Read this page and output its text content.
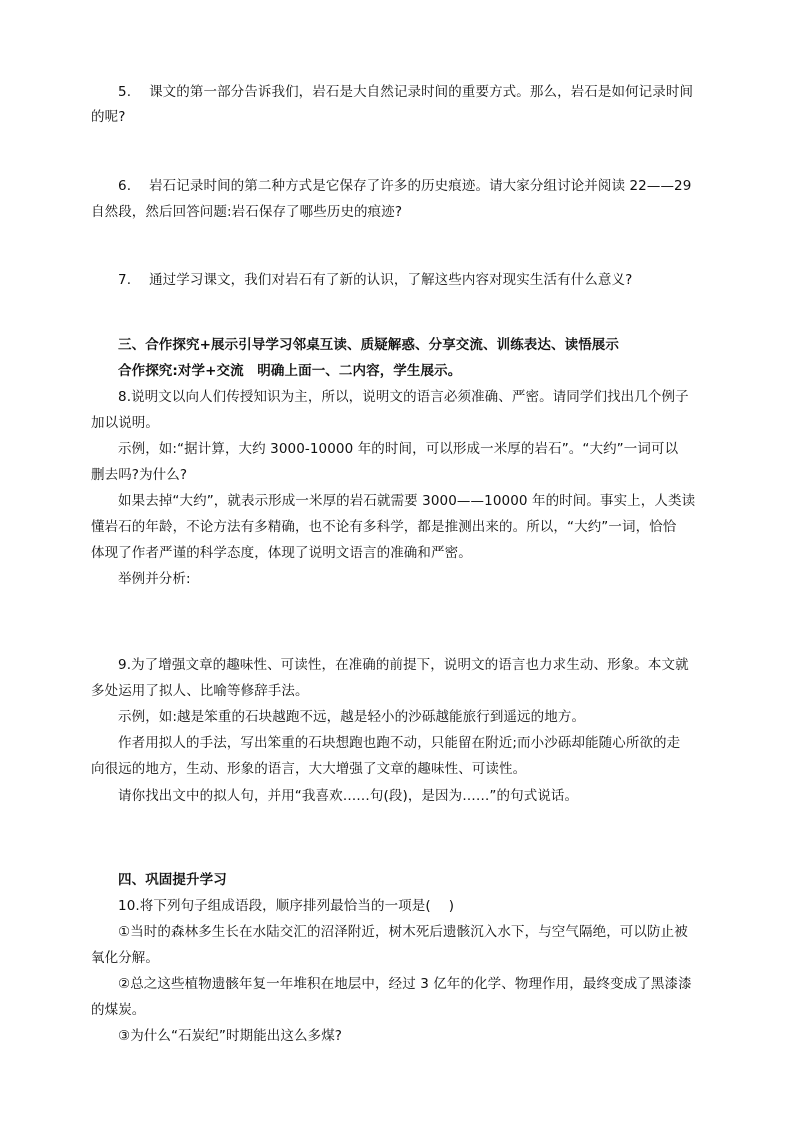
5.　 课文的第一部分告诉我们，岩石是大自然记录时间的重要方式。那么，岩石是如何记录时间
的呢?
6.　 岩石记录时间的第二种方式是它保存了许多的历史痕迹。请大家分组讨论并阅读 22——29
自然段，然后回答问题:岩石保存了哪些历史的痕迹?
7.　 通过学习课文，我们对岩石有了新的认识，了解这些内容对现实生活有什么意义?
三、合作探究+展示引导学习邻桌互读、质疑解惑、分享交流、训练表达、读悟展示
合作探究:对学+交流　明确上面一、二内容，学生展示。
8.说明文以向人们传授知识为主，所以，说明文的语言必须准确、严密。请同学们找出几个例子
加以说明。
示例，如:“据计算，大约 3000-10000 年的时间，可以形成一米厚的岩石”。“大约”一词可以
删去吗?为什么?
如果去掉“大约”，就表示形成一米厚的岩石就需要 3000——10000 年的时间。事实上，人类读
懂岩石的年龄，不论方法有多精确，也不论有多科学，都是推测出来的。所以，“大约”一词，恰恰
体现了作者严谨的科学态度，体现了说明文语言的准确和严密。
举例并分析:
9.为了增强文章的趣味性、可读性，在准确的前提下，说明文的语言也力求生动、形象。本文就
多处运用了拟人、比喻等修辞手法。
示例，如:越是笨重的石块越跑不远，越是轻小的沙砾越能旅行到遥远的地方。
作者用拟人的手法，写出笨重的石块想跑也跑不动，只能留在附近;而小沙砾却能随心所欲的走
向很远的地方，生动、形象的语言，大大增强了文章的趣味性、可读性。
请你找出文中的拟人句，并用“我喜欢……句(段)，是因为……”的句式说话。
四、巩固提升学习
10.将下列句子组成语段，顺序排列最恰当的一项是(　 )
①当时的森林多生长在水陆交汇的沼泽附近，树木死后遗骸沉入水下，与空气隔绝，可以防止被
氧化分解。
②总之这些植物遗骸年复一年堆积在地层中，经过 3 亿年的化学、物理作用，最终变成了黑漆漆
的煤炭。
③为什么“石炭纪”时期能出这么多煤?
